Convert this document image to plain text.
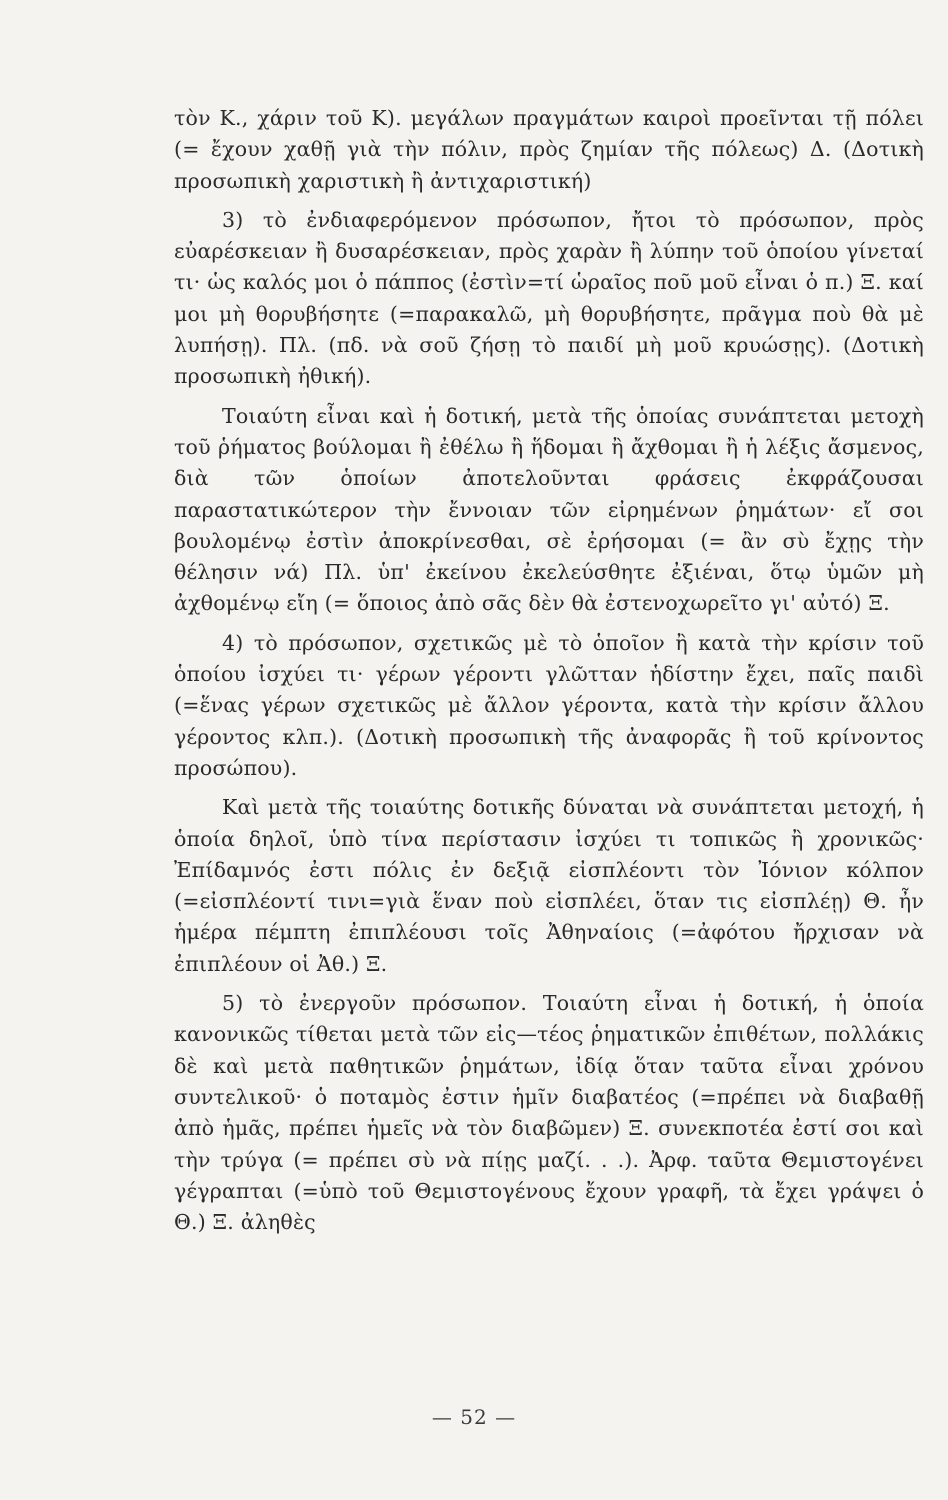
τὸν Κ., χάριν τοῦ Κ). μεγάλων πραγμάτων καιροὶ προεῖνται τῇ πόλει (= ἔχουν χαθῇ γιὰ τὴν πόλιν, πρὸς ζημίαν τῆς πόλεως) Δ. (Δοτικὴ προσωπικὴ χαριστικὴ ἢ ἀντιχαριστική)

3) τὸ ἐνδιαφερόμενον πρόσωπον, ἤτοι τὸ πρόσωπον, πρὸς εὐαρέσκειαν ἢ δυσαρέσκειαν, πρὸς χαρὰν ἢ λύπην τοῦ ὁποίου γίνεταί τι· ὡς καλός μοι ὁ πάππος (ἐστὶν=τί ὡραῖος ποῦ μοῦ εἶναι ὁ π.) Ξ. καί μοι μὴ θορυβήσητε (=παρακαλῶ, μὴ θορυβήσητε, πρᾶγμα ποὺ θὰ μὲ λυπήσῃ). Πλ. (πδ. νὰ σοῦ ζήσῃ τὸ παιδί μὴ μοῦ κρυώσῃς). (Δοτικὴ προσωπικὴ ἠθική).

Τοιαύτη εἶναι καὶ ἡ δοτική, μετὰ τῆς ὁποίας συνάπτεται μετοχὴ τοῦ ῥήματος βούλομαι ἢ ἐθέλω ἢ ἥδομαι ἢ ἄχθομαι ἢ ἡ λέξις ἄσμενος, διὰ τῶν ὁποίων ἀποτελοῦνται φράσεις ἐκφράζουσαι παραστατικώτερον τὴν ἔννοιαν τῶν εἰρημένων ῥημάτων· εἴ σοι βουλομένῳ ἐστὶν ἀποκρίνεσθαι, σὲ ἐρήσομαι (= ἂν σὺ ἔχῃς τὴν θέλησιν νά) Πλ. ὑπ' ἐκείνου ἐκελεύσθητε ἐξιέναι, ὅτῳ ὑμῶν μὴ ἀχθομένῳ εἴη (= ὅποιος ἀπὸ σᾶς δὲν θὰ ἐστενοχωρεῖτο γι' αὐτό) Ξ.

4) τὸ πρόσωπον, σχετικῶς μὲ τὸ ὁποῖον ἢ κατὰ τὴν κρίσιν τοῦ ὁποίου ἰσχύει τι· γέρων γέροντι γλῶτταν ἡδίστην ἔχει, παῖς παιδὶ (=ἕνας γέρων σχετικῶς μὲ ἄλλον γέροντα, κατὰ τὴν κρίσιν ἄλλου γέροντος κλπ.). (Δοτικὴ προσωπικὴ τῆς ἀναφορᾶς ἢ τοῦ κρίνοντος προσώπου).

Καὶ μετὰ τῆς τοιαύτης δοτικῆς δύναται νὰ συνάπτεται μετοχή, ἡ ὁποία δηλοῖ, ὑπὸ τίνα περίστασιν ἰσχύει τι τοπικῶς ἢ χρονικῶς· Ἐπίδαμνός ἐστι πόλις ἐν δεξιᾷ εἰσπλέοντι τὸν Ἰόνιον κόλπον (=εἰσπλέοντί τινι=γιὰ ἕναν ποὺ εἰσπλέει, ὅταν τις εἰσπλέῃ) Θ. ἦν ἡμέρα πέμπτη ἐπιπλέουσι τοῖς Ἀθηναίοις (=ἀφότου ἤρχισαν νὰ ἐπιπλέουν οἱ Ἀθ.) Ξ.

5) τὸ ἐνεργοῦν πρόσωπον. Τοιαύτη εἶναι ἡ δοτική, ἡ ὁποία κανονικῶς τίθεται μετὰ τῶν εἰς—τέος ῥηματικῶν ἐπιθέτων, πολλάκις δὲ καὶ μετὰ παθητικῶν ῥημάτων, ἰδίᾳ ὅταν ταῦτα εἶναι χρόνου συντελικοῦ· ὁ ποταμὸς ἐστιν ἡμῖν διαβατέος (=πρέπει νὰ διαβαθῇ ἀπὸ ἡμᾶς, πρέπει ἡμεῖς νὰ τὸν διαβῶμεν) Ξ. συνεκποτέα ἐστί σοι καὶ τὴν τρύγα (= πρέπει σὺ νὰ πίῃς μαζί. . .). Ἀρφ. ταῦτα Θεμιστογένει γέγραπται (=ὑπὸ τοῦ Θεμιστογένους ἔχουν γραφῆ, τὰ ἔχει γράψει ὁ Θ.) Ξ. ἀληθὲς

— 52 —
